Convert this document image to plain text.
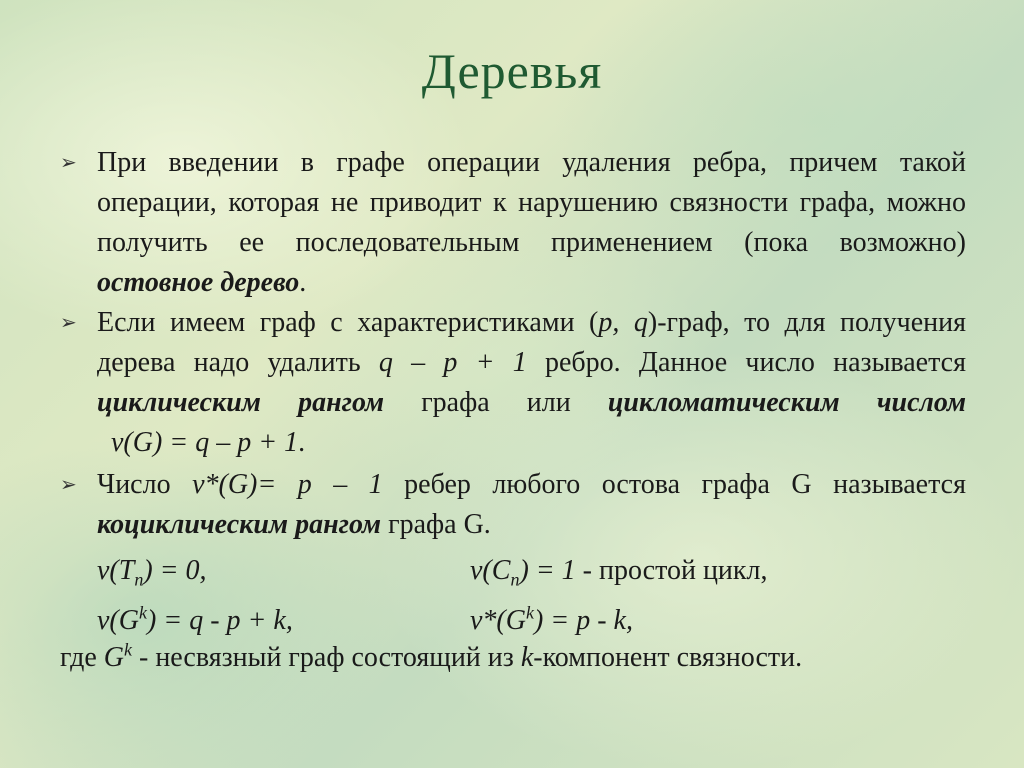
Деревья
➢ При введении в графе операции удаления ребра, причем такой операции, которая не приводит к нарушению связности графа, можно получить ее последовательным применением (пока возможно) остовное дерево.
➢ Если имеем граф с характеристиками (p, q)-граф, то для получения дерева надо удалить q – p + 1 ребро. Данное число называется циклическим рангом графа или цикломатическим числом  ν(G) = q – p + 1.
➢ Число ν*(G)= p – 1 ребер любого остова графа G называется коциклическим рангом графа G.
$\nu(T_n) = 0$,	$\nu(C_n) = 1$ - простой цикл,
$\nu(G^k) = q - p + k$,	$\nu*(G^k) = p - k$,
где $G^k$ - несвязный граф состоящий из k-компонент связности.
